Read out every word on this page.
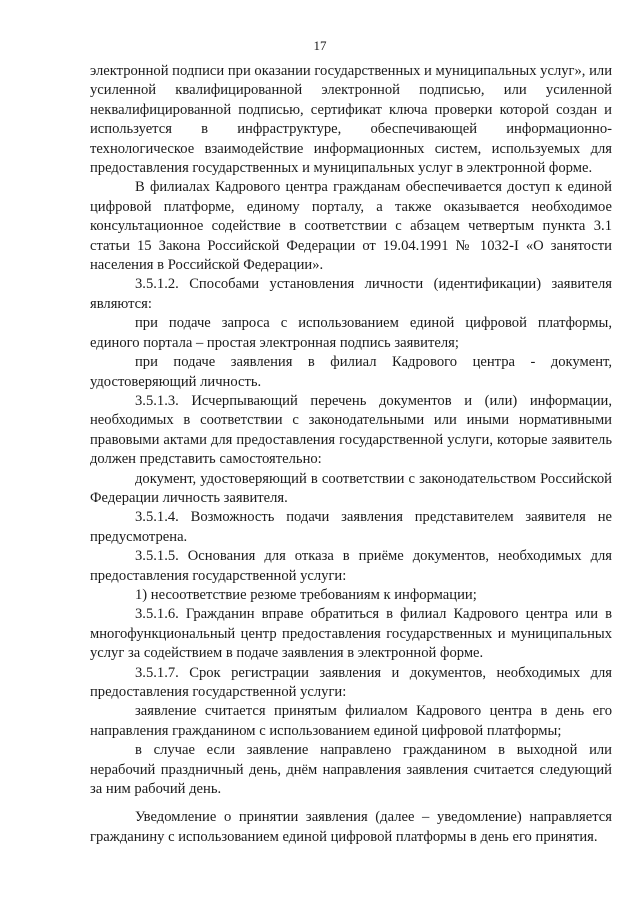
17

электронной подписи при оказании государственных и муниципальных услуг», или усиленной квалифицированной электронной подписью, или усиленной неквалифицированной подписью, сертификат ключа проверки которой создан и используется в инфраструктуре, обеспечивающей информационно-технологическое взаимодействие информационных систем, используемых для предоставления государственных и муниципальных услуг в электронной форме.

В филиалах Кадрового центра гражданам обеспечивается доступ к единой цифровой платформе, единому порталу, а также оказывается необходимое консультационное содействие в соответствии с абзацем четвертым пункта 3.1 статьи 15 Закона Российской Федерации от 19.04.1991 № 1032-I «О занятости населения в Российской Федерации».

3.5.1.2. Способами установления личности (идентификации) заявителя являются:

при подаче запроса с использованием единой цифровой платформы, единого портала – простая электронная подпись заявителя;

при подаче заявления в филиал Кадрового центра - документ, удостоверяющий личность.

3.5.1.3. Исчерпывающий перечень документов и (или) информации, необходимых в соответствии с законодательными или иными нормативными правовыми актами для предоставления государственной услуги, которые заявитель должен представить самостоятельно:

документ, удостоверяющий в соответствии с законодательством Российской Федерации личность заявителя.

3.5.1.4. Возможность подачи заявления представителем заявителя не предусмотрена.

3.5.1.5. Основания для отказа в приёме документов, необходимых для предоставления государственной услуги:

1) несоответствие резюме требованиям к информации;

3.5.1.6. Гражданин вправе обратиться в филиал Кадрового центра или в многофункциональный центр предоставления государственных и муниципальных услуг за содействием в подаче заявления в электронной форме.

3.5.1.7. Срок регистрации заявления и документов, необходимых для предоставления государственной услуги:

заявление считается принятым филиалом Кадрового центра в день его направления гражданином с использованием единой цифровой платформы;

в случае если заявление направлено гражданином в выходной или нерабочий праздничный день, днём направления заявления считается следующий за ним рабочий день.

Уведомление о принятии заявления (далее – уведомление) направляется гражданину с использованием единой цифровой платформы в день его принятия.
